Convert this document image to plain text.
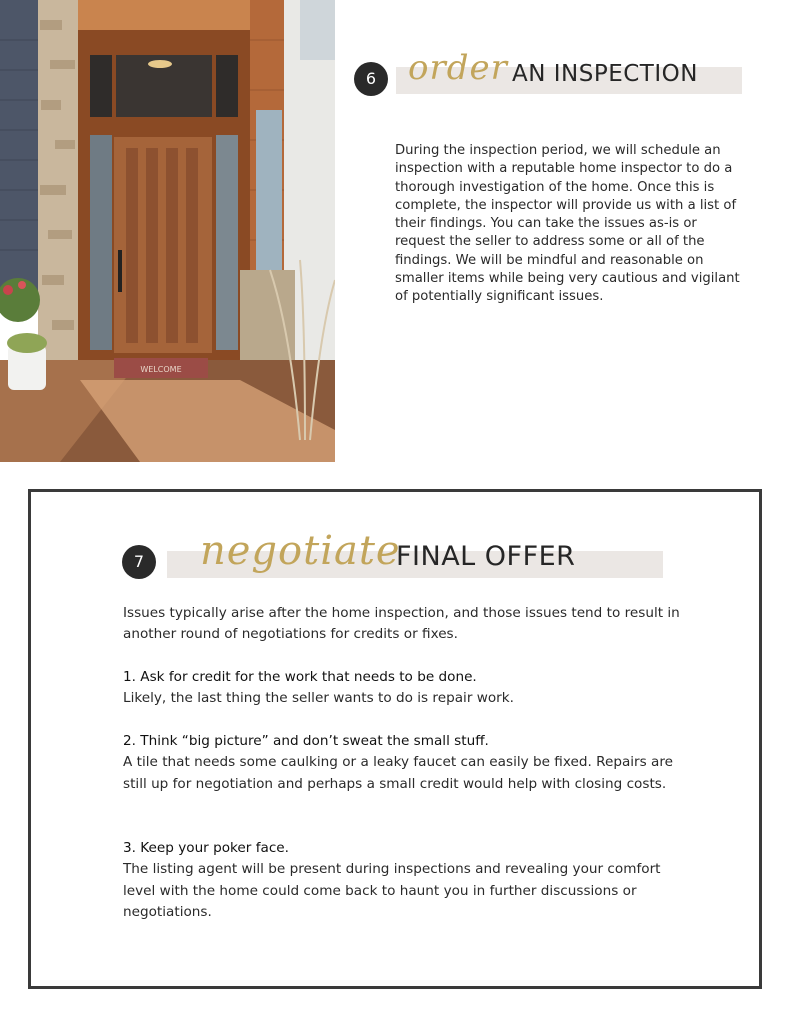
WELCOME
6 order AN INSPECTION
During the inspection period, we will schedule an inspection with a reputable home inspector to do a thorough investigation of the home. Once this is complete, the inspector will provide us with a list of their findings. You can take the issues as-is or request the seller to address some or all of the findings. We will be mindful and reasonable on smaller items while being very cautious and vigilant of potentially significant issues.
7 negotiate
FINAL OFFER

Issues typically arise after the home inspection, and those issues tend to result in another round of negotiations for credits or fixes.

1. Ask for credit for the work that needs to be done.

Likely, the last thing the seller wants to do is repair work.

2. Think “big picture” and don’t sweat the small stuff.

A tile that needs some caulking or a leaky faucet can easily be fixed. Repairs are still up for negotiation and perhaps a small credit would help with closing costs.

3. Keep your poker face.

The listing agent will be present during inspections and revealing your comfort level with the home could come back to haunt you in further discussions or negotiations.
